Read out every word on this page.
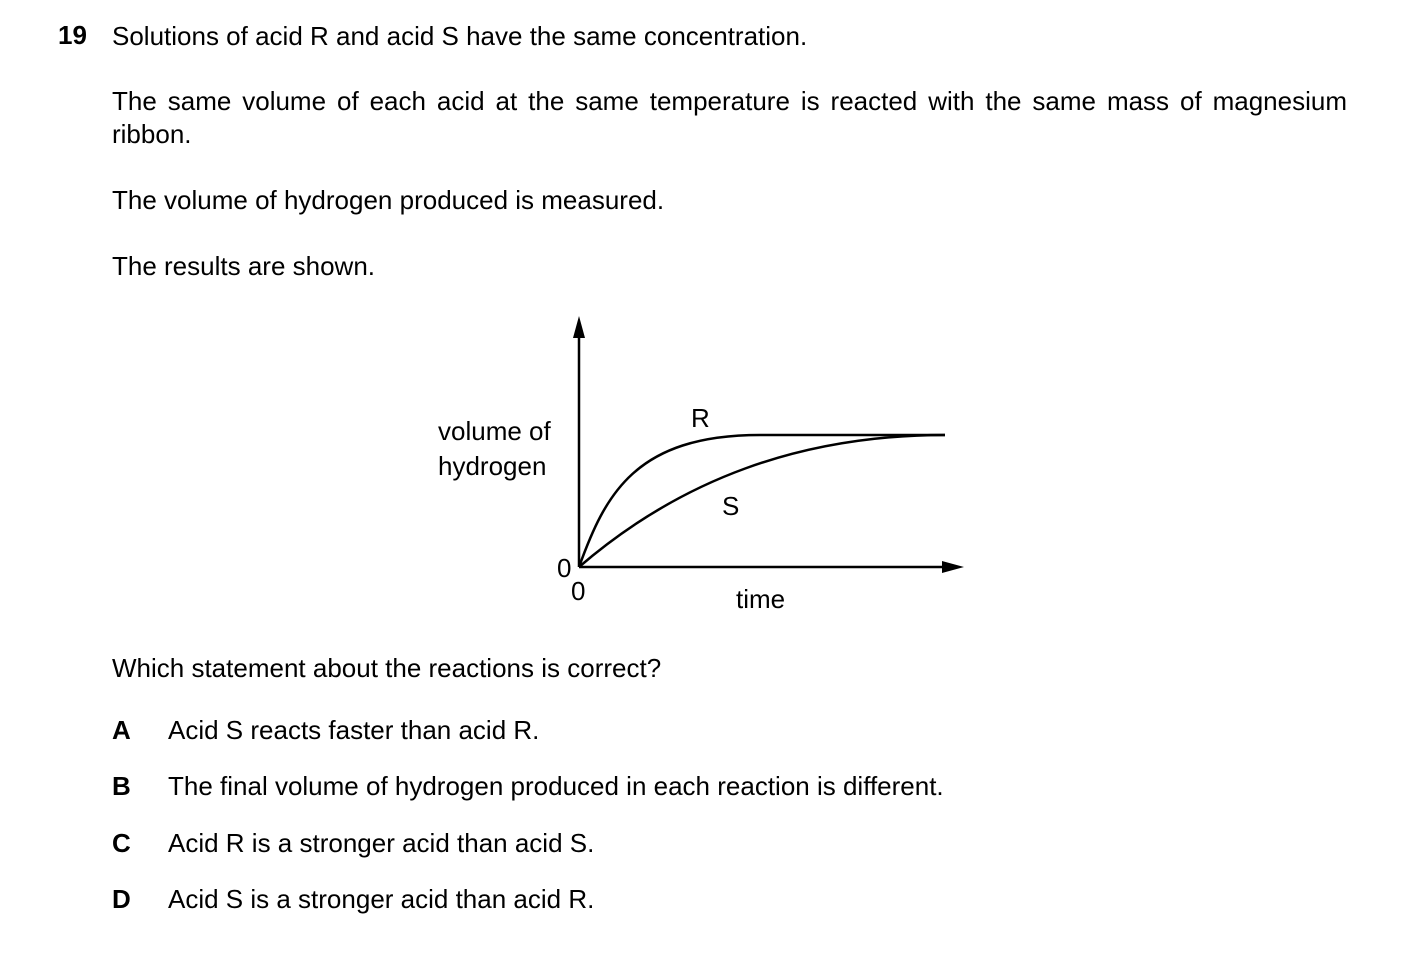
19 Solutions of acid R and acid S have the same concentration.

The same volume of each acid at the same temperature is reacted with the same mass of magnesium ribbon.

The volume of hydrogen produced is measured.

The results are shown.

volume of
hydrogen
time
0
0
R
S

Which statement about the reactions is correct?

A Acid S reacts faster than acid R.
B The final volume of hydrogen produced in each reaction is different.
C Acid R is a stronger acid than acid S.
D Acid S is a stronger acid than acid R.
